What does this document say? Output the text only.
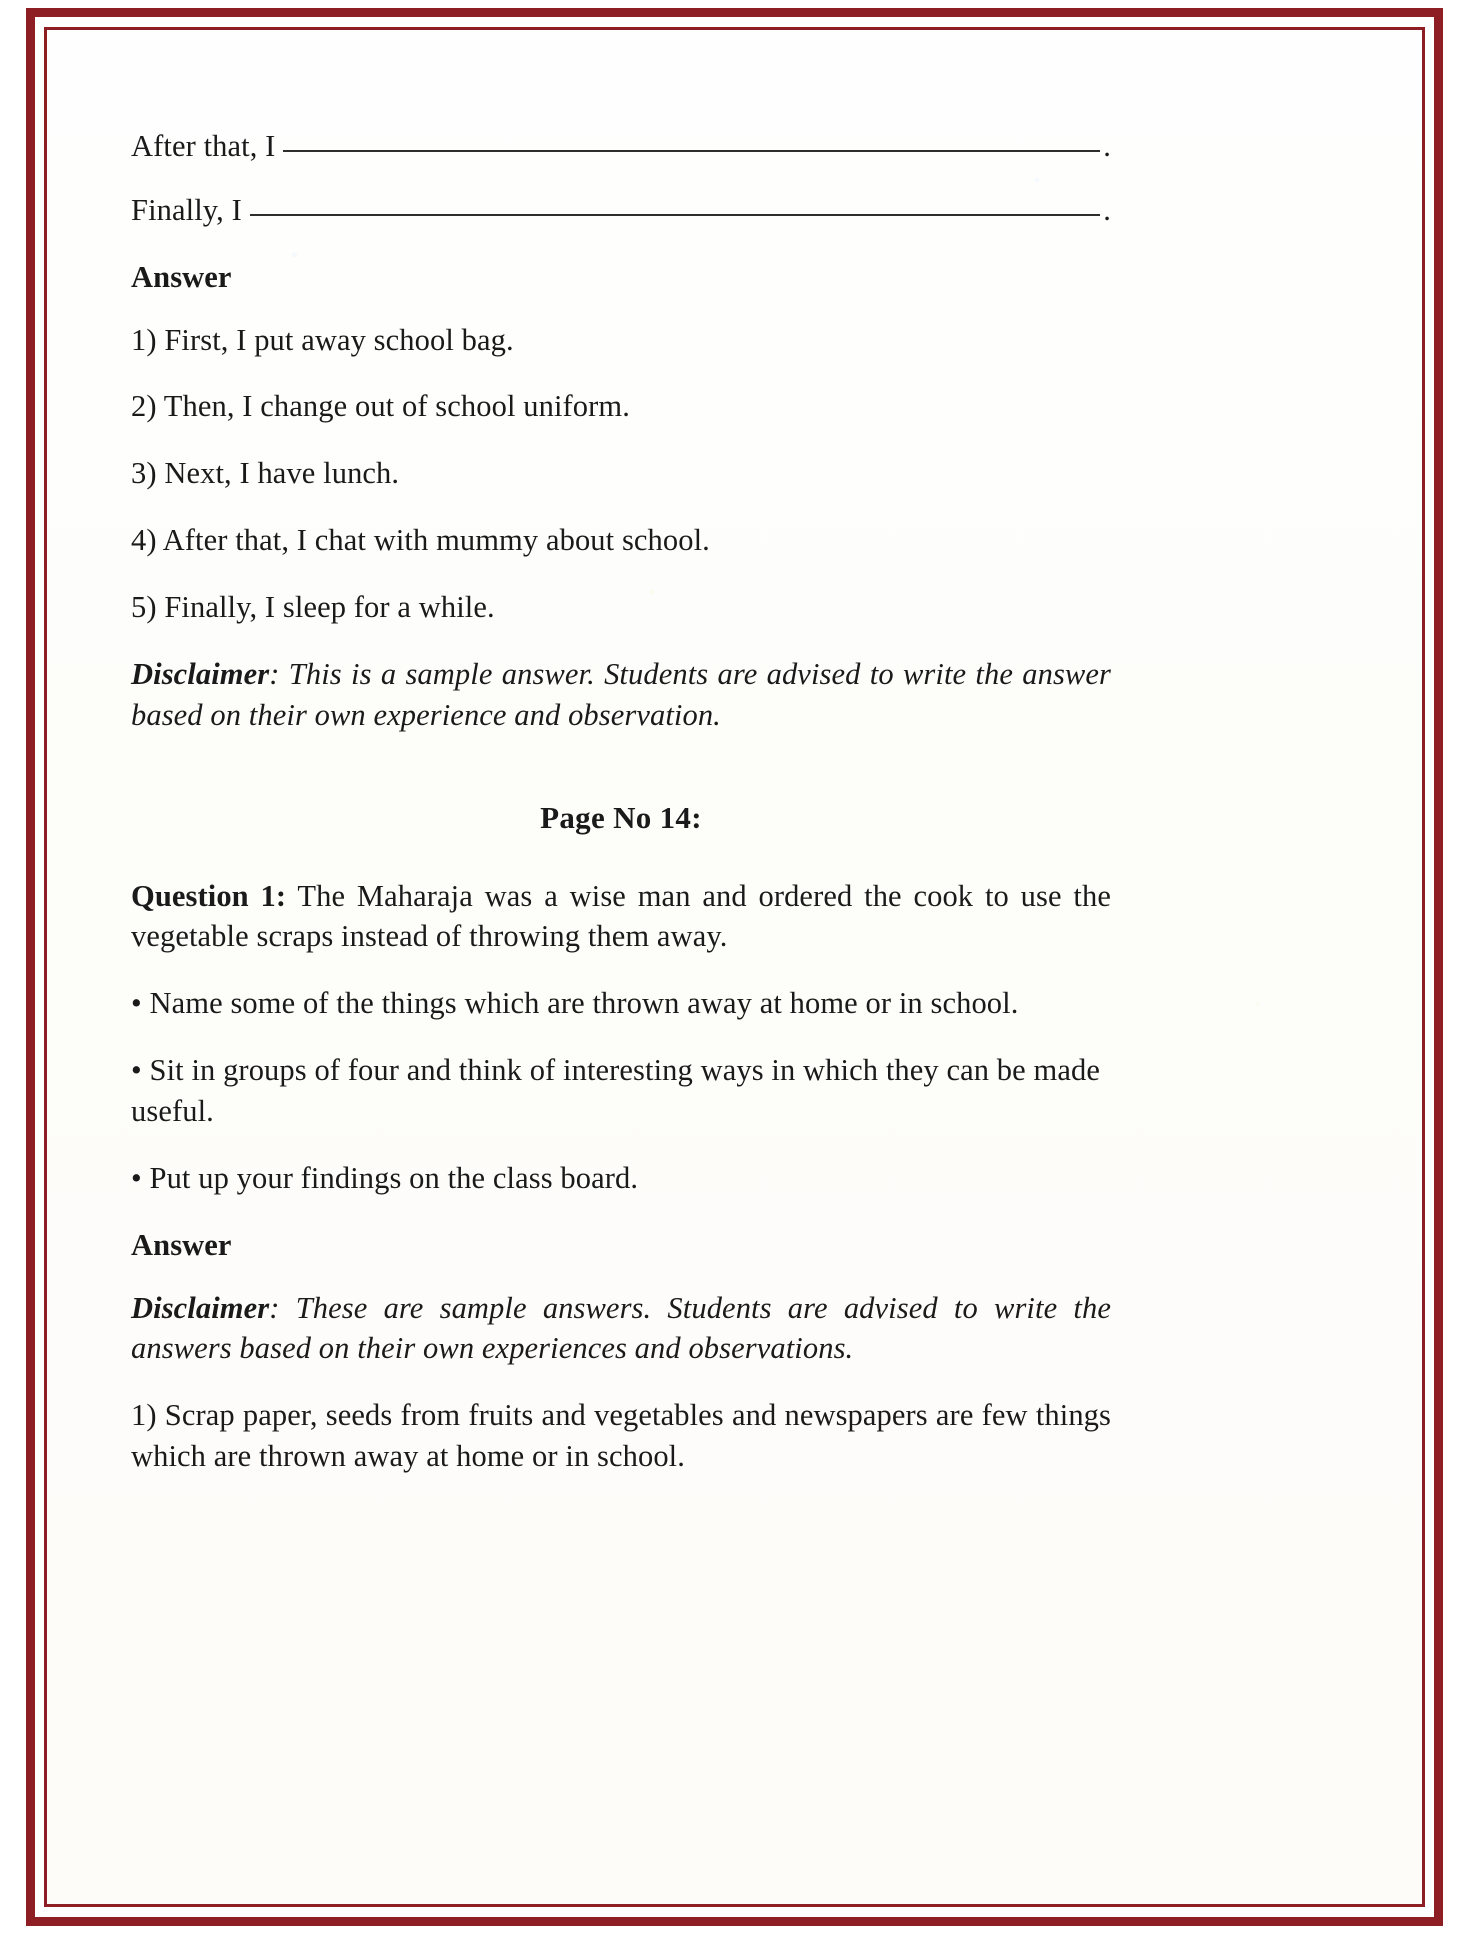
After that, I	.
Finally, I	.
Answer
1) First, I put away school bag.
2) Then, I change out of school uniform.
3) Next, I have lunch.
4) After that, I chat with mummy about school.
5) Finally, I sleep for a while.
Disclaimer: This is a sample answer. Students are advised to write the answer based on their own experience and observation.
Page No 14:
Question 1: The Maharaja was a wise man and ordered the cook to use the vegetable scraps instead of throwing them away.
• Name some of the things which are thrown away at home or in school.
• Sit in groups of four and think of interesting ways in which they can be made useful.
• Put up your findings on the class board.
Answer
Disclaimer: These are sample answers. Students are advised to write the answers based on their own experiences and observations.
1) Scrap paper, seeds from fruits and vegetables and newspapers are few things which are thrown away at home or in school.
